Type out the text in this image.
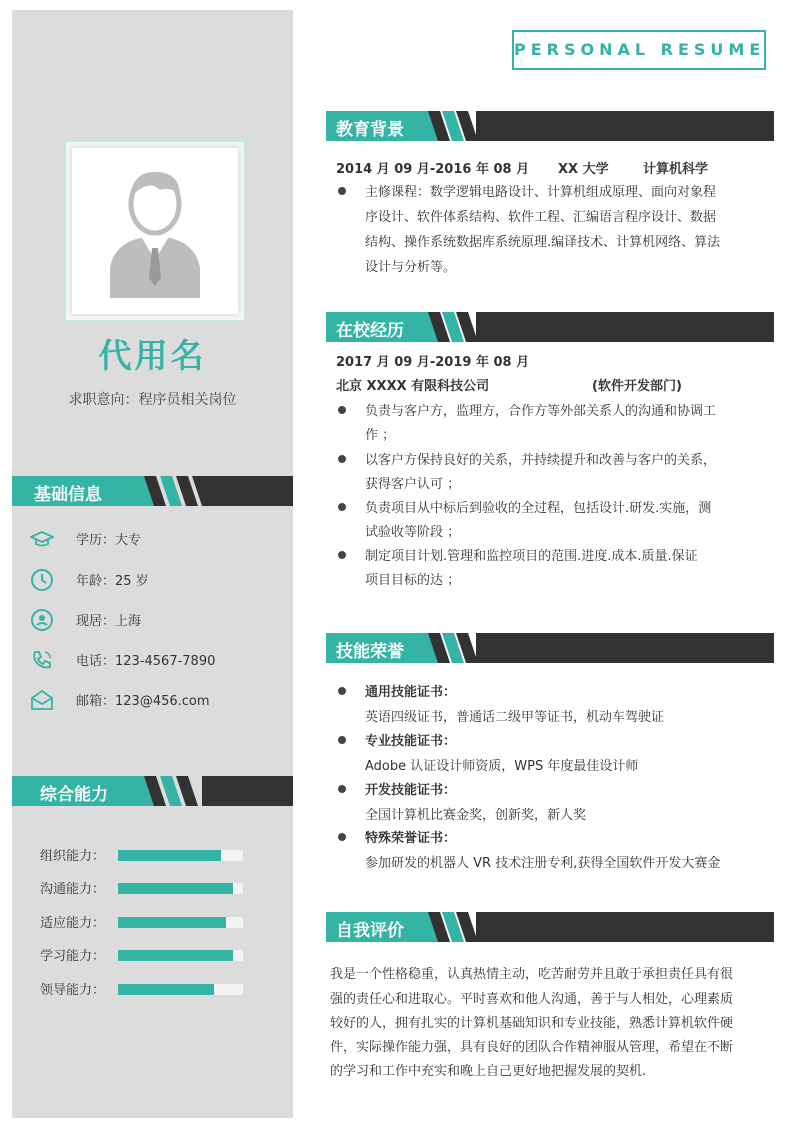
代用名
求职意向：程序员相关岗位
基础信息
学历：大专
年龄：25 岁
现居：上海
电话：123-4567-7890
邮箱：123@456.com
综合能力
组织能力：
沟通能力：
适应能力：
学习能力：
领导能力：
PERSONAL RESUME
教育背景
2014 月 09 月-2016 年 08 月 XX 大学	计算机科学
主修课程：数学逻辑电路设计、计算机组成原理、面向对象程
序设计、软件体系结构、软件工程、汇编语言程序设计、数据
结构、操作系统数据库系统原理.编译技术、计算机网络、算法
设计与分析等。
在校经历
2017 月 09 月-2019 年 08 月
北京 XXXX 有限科技公司	(软件开发部门)
负责与客户方，监理方，合作方等外部关系人的沟通和协调工
作 ；
以客户方保持良好的关系，并持续提升和改善与客户的关系，
获得客户认可 ；
负责项目从中标后到验收的全过程，包括设计.研发.实施，测
试验收等阶段 ；
制定项目计划.管理和监控项目的范围.进度.成本.质量.保证
项目目标的达 ；
技能荣誉
通用技能证书：
英语四级证书，普通话二级甲等证书，机动车驾驶证
专业技能证书：
Adobe 认证设计师资质，WPS 年度最佳设计师
开发技能证书：
全国计算机比赛金奖，创新奖，新人奖
特殊荣誉证书：
参加研发的机器人 VR 技术注册专利,获得全国软件开发大赛金
自我评价
我是一个性格稳重，认真热情主动，吃苦耐劳并且敢于承担责任具有很
强的责任心和进取心。平时喜欢和他人沟通，善于与人相处，心理素质
较好的人，拥有扎实的计算机基础知识和专业技能，熟悉计算机软件硬
件，实际操作能力强，具有良好的团队合作精神服从管理，希望在不断
的学习和工作中充实和晚上自己更好地把握发展的契机.
